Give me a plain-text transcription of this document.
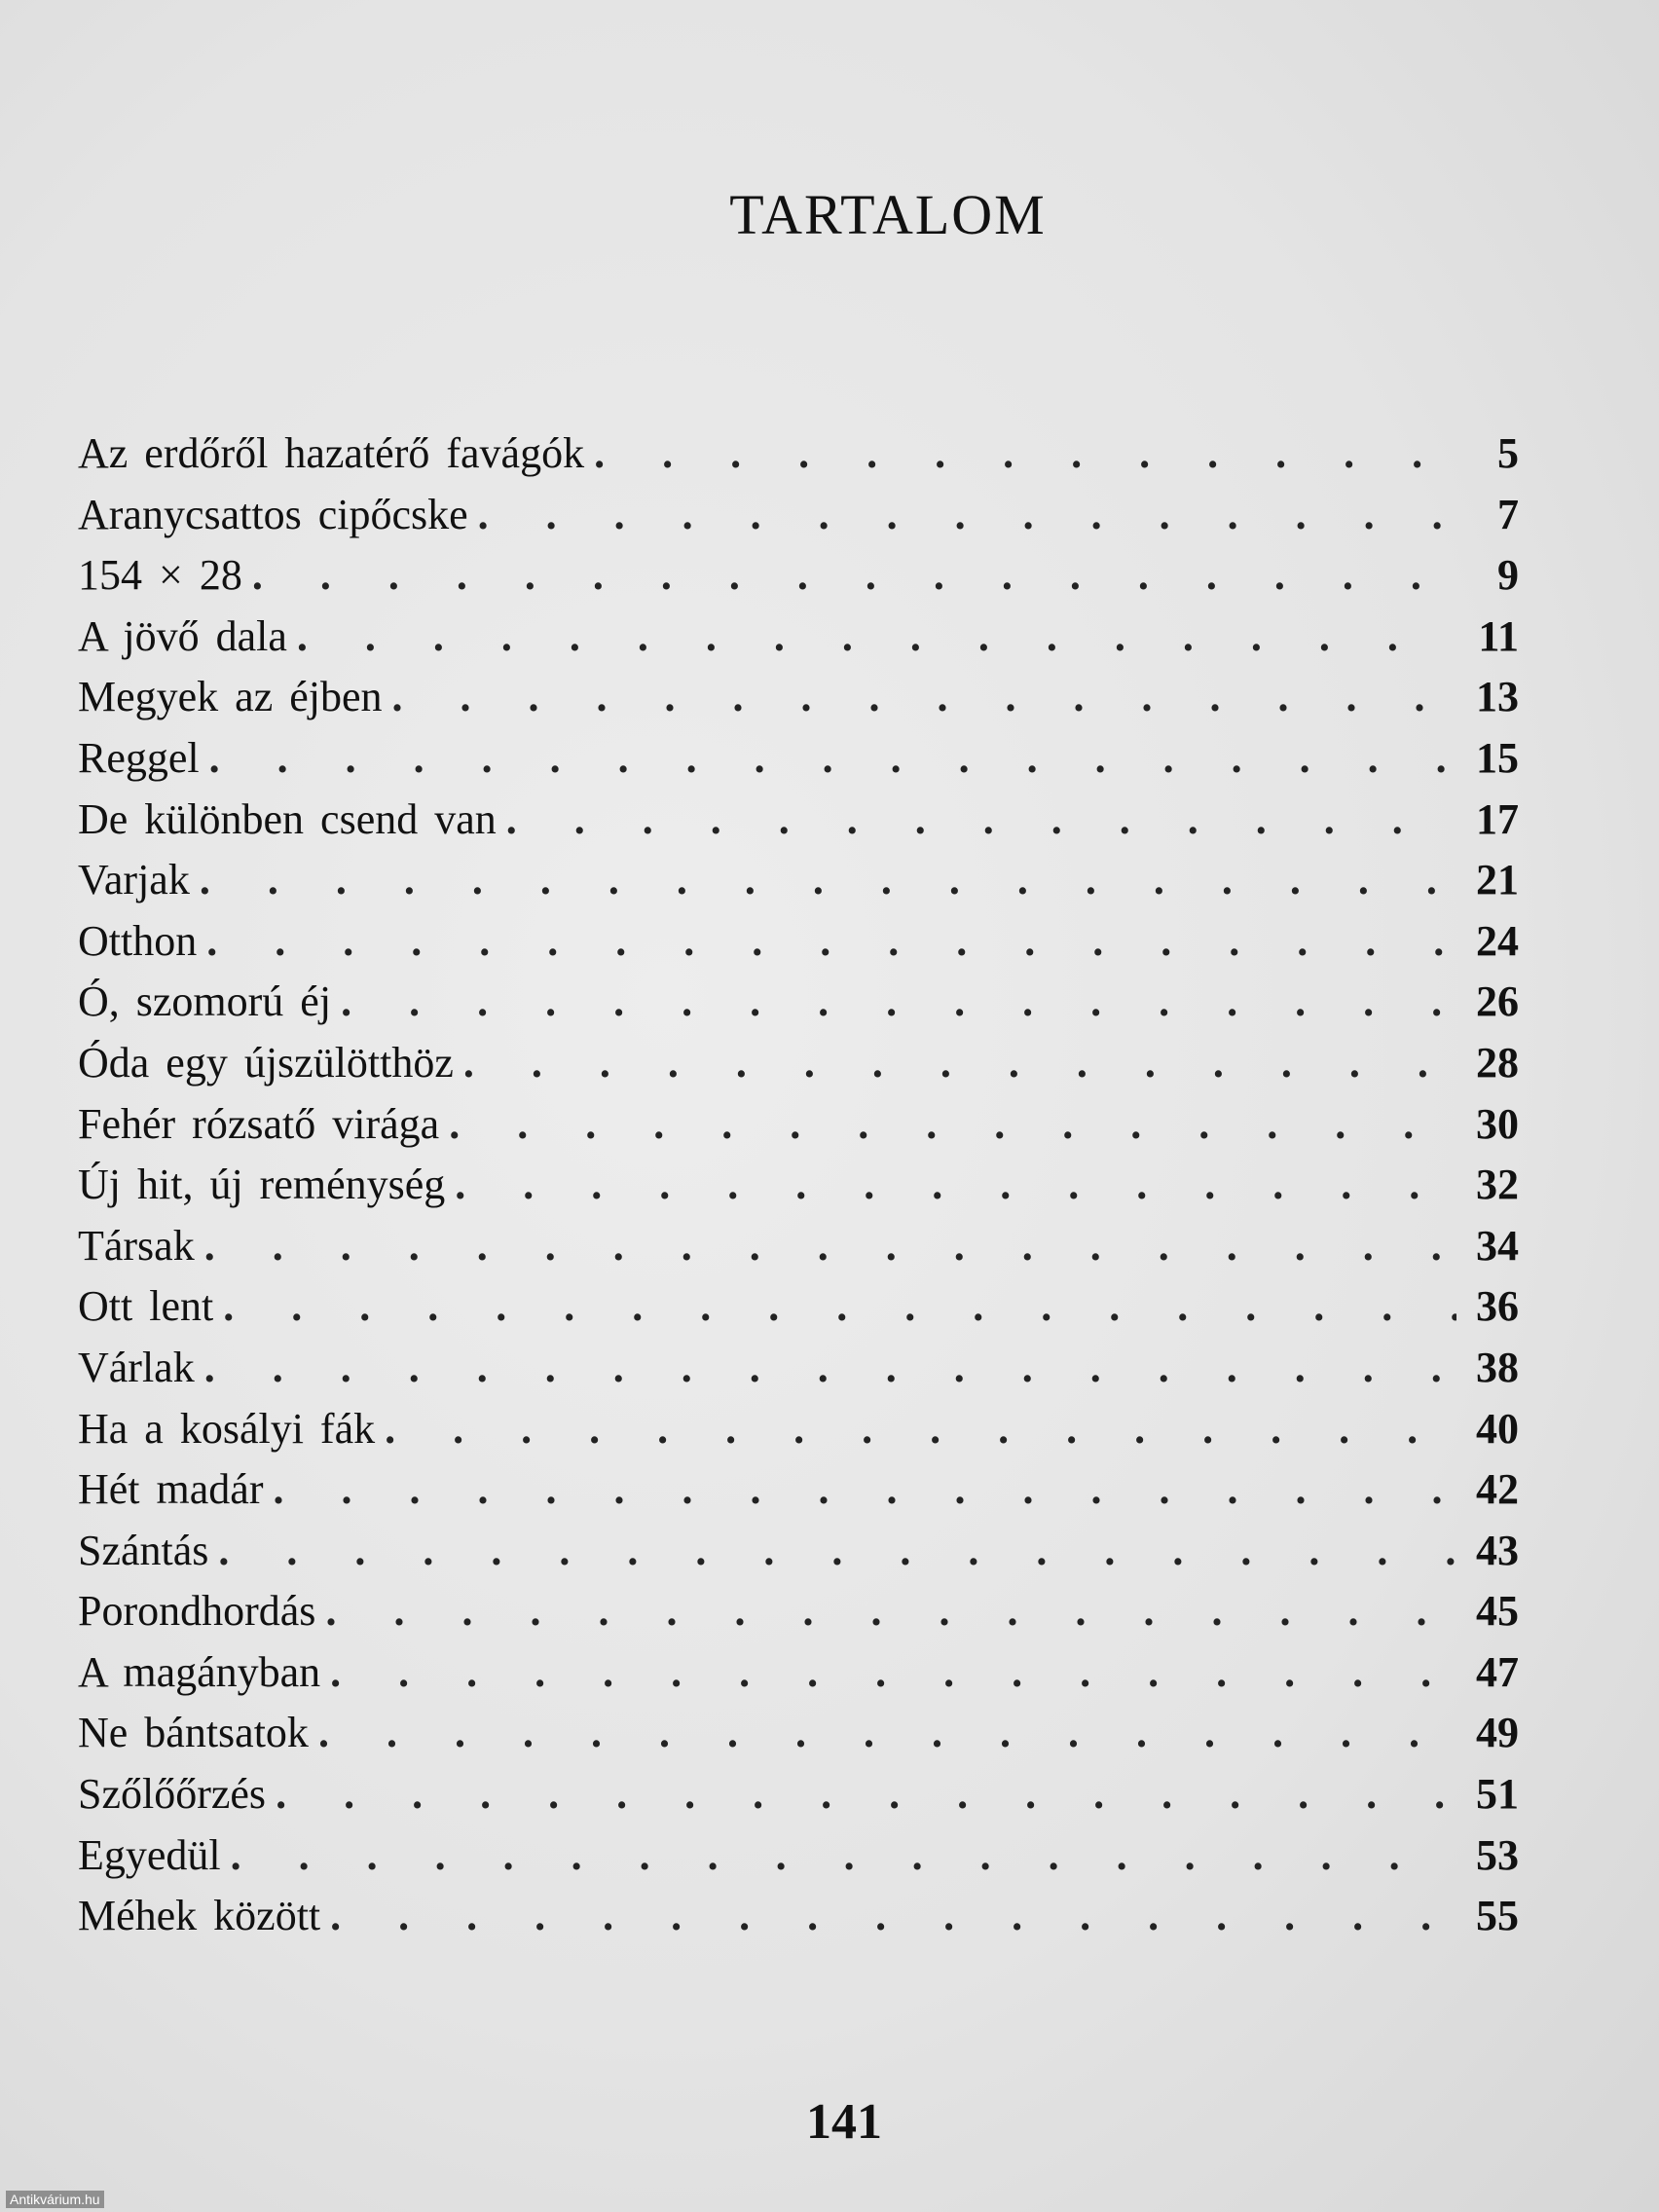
TARTALOM
Az erdőről hazatérő favágók . . .	5
Aranycsattos cipőcske . . .	7
154 × 28 . . .	9
A jövő dala . . .	11
Megyek az éjben . . .	13
Reggel . . .	15
De különben csend van . . .	17
Varjak . . .	21
Otthon . . .	24
Ó, szomorú éj . . .	26
Óda egy újszülötthöz . . .	28
Fehér rózsatő virága . . .	30
Új hit, új reménység . . .	32
Társak . . .	34
Ott lent . . .	36
Várlak . . .	38
Ha a kosályi fák . . .	40
Hét madár . . .	42
Szántás . . .	43
Porondhordás . . .	45
A magányban . . .	47
Ne bántsatok . . .	49
Szőlőőrzés . . .	51
Egyedül . . .	53
Méhek között . . .	55
141
Antikvárium.hu
